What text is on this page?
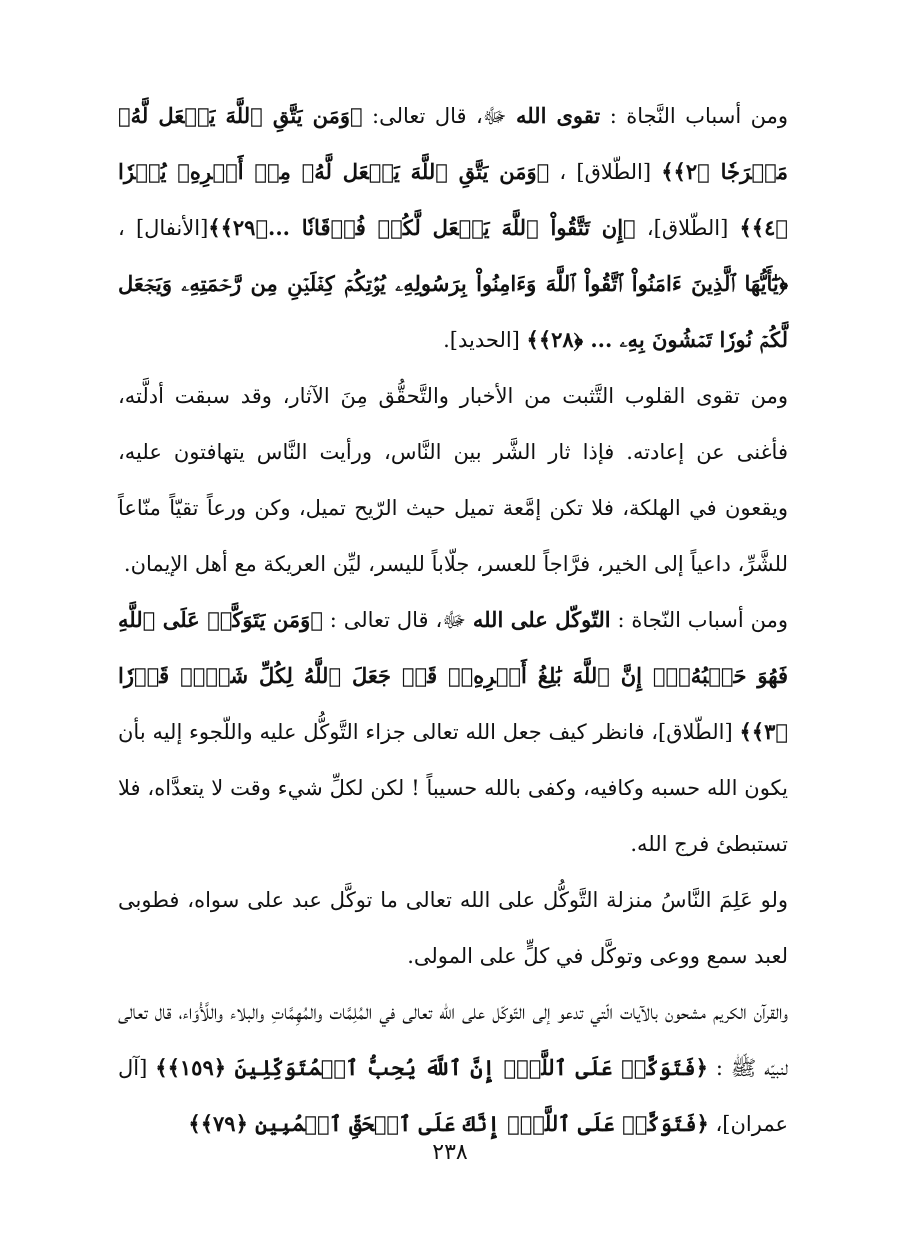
ومن أسباب النَّجاة : تقوى الله ﷻ، قال تعالى: ﴿وَمَن يَتَّقِ ٱللَّهَ يَجۡعَل لَّهُۥ مَخۡرَجٗا ﴿٢﴾﴾ [الطّلاق] ، ﴿وَمَن يَتَّقِ ٱللَّهَ يَجۡعَل لَّهُۥ مِنۡ أَمۡرِهِۦ يُسۡرٗا ﴿٤﴾﴾ [الطّلاق]، ﴿إِن تَتَّقُواْ ٱللَّهَ يَجۡعَل لَّكُمۡ فُرۡقَانٗا ...﴿٢٩﴾﴾[الأنفال] ، ﴿يَٰٓأَيُّهَا ٱلَّذِينَ ءَامَنُواْ ٱتَّقُواْ ٱللَّهَ وَءَامِنُواْ بِرَسُولِهِۦ يُؤۡتِكُمۡ كِفۡلَيۡنِ مِن رَّحۡمَتِهِۦ وَيَجۡعَل لَّكُمۡ نُورٗا تَمۡشُونَ بِهِۦ ... ﴿٢٨﴾﴾ [الحديد].

ومن تقوى القلوب التَّثبت من الأخبار والتَّحقُّق مِنَ الآثار، وقد سبقت أدلَّته، فأغنى عن إعادته. فإذا ثار الشَّر بين النَّاس، ورأيت النَّاس يتهافتون عليه، ويقعون في الهلكة، فلا تكن إمَّعة تميل حيث الرّيح تميل، وكن ورعاً تقيّاً منّاعاً للشَّرِّ، داعياً إلى الخير، فرَّاجاً للعسر، جلّاباً لليسر، ليِّن العريكة مع أهل الإيمان.

ومن أسباب النّجاة : التّوكّل على الله ﷻ، قال تعالى : ﴿وَمَن يَتَوَكَّلۡ عَلَى ٱللَّهِ فَهُوَ حَسۡبُهُۥٓۚ إِنَّ ٱللَّهَ بَٰلِغُ أَمۡرِهِۦۚ قَدۡ جَعَلَ ٱللَّهُ لِكُلِّ شَيۡءٖ قَدۡرٗا ﴿٣﴾﴾ [الطّلاق]، فانظر كيف جعل الله تعالى جزاء التَّوكُّل عليه واللّجوء إليه بأن يكون الله حسبه وكافيه، وكفى بالله حسيباً ! لكن لكلِّ شيء وقت لا يتعدَّاه، فلا تستبطئ فرج الله.

ولو عَلِمَ النَّاسُ منزلة التَّوكُّل على الله تعالى ما توكَّل عبد على سواه، فطوبى لعبد سمع ووعى وتوكَّل في كلٍّ على المولى.

والقرآن الكريم مشحون بالآيات الّتي تدعو إلى التّوكّل على الله تعالى في المُلِمَّات والمُهِمَّاتِ والبلاء واللَّأْوَاء، قال تعالى لنبيّه ﷺ : ﴿فَتَوَكَّلۡ عَلَى ٱللَّهِۚ إِنَّ ٱللَّهَ يُحِبُّ ٱلۡمُتَوَكِّلِينَ ﴿١٥٩﴾﴾ [آل عمران]، ﴿فَتَوَكَّلۡ عَلَى ٱللَّهِۖ إِنَّكَ عَلَى ٱلۡحَقِّ ٱلۡمُبِينِ ﴿٧٩﴾﴾

٢٣٨
